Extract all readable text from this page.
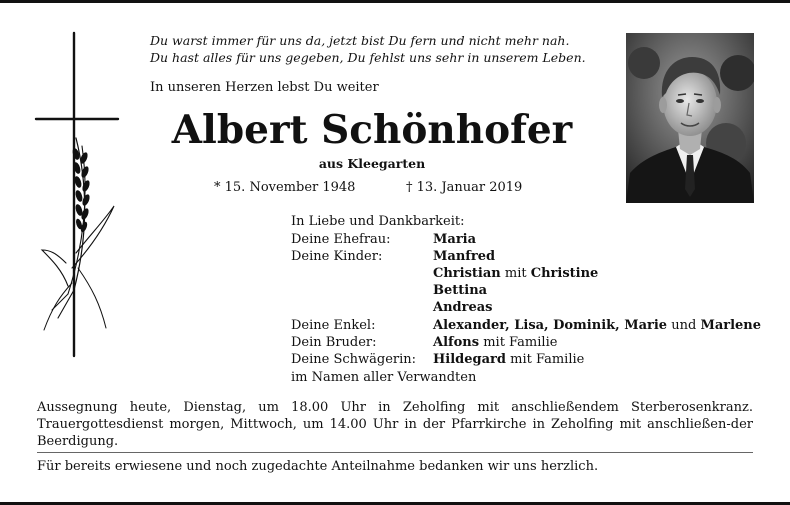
Du warst immer für uns da, jetzt bist Du fern und nicht mehr nah.
Du hast alles für uns gegeben, Du fehlst uns sehr in unserem Leben.
In unseren Herzen lebst Du weiter
Albert Schönhofer
aus Kleegarten
* 15. November 1948	† 13. Januar 2019
In Liebe und Dankbarkeit:
Deine Ehefrau:	Maria
Deine Kinder:	Manfred
Christian mit Christine
Bettina
Andreas
Deine Enkel:	Alexander, Lisa, Dominik, Marie und Marlene
Dein Bruder:	Alfons mit Familie
Deine Schwägerin: Hildegard mit Familie
im Namen aller Verwandten
Aussegnung heute, Dienstag, um 18.00 Uhr in Zeholfing mit anschließendem Sterberosenkranz. Trauergottesdienst morgen, Mittwoch, um 14.00 Uhr in der Pfarrkirche in Zeholfing mit anschließen-der Beerdigung.
Für bereits erwiesene und noch zugedachte Anteilnahme bedanken wir uns herzlich.
